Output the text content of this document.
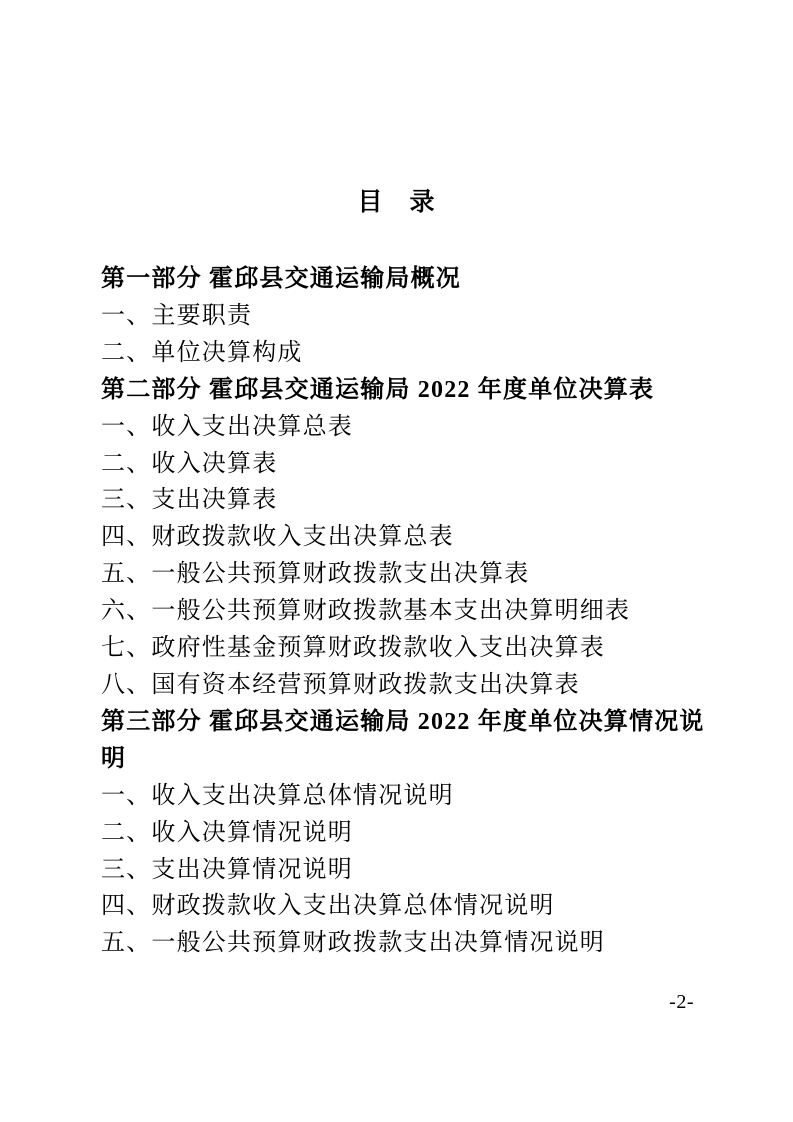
目　录
第一部分 霍邱县交通运输局概况
一、主要职责
二、单位决算构成
第二部分 霍邱县交通运输局 2022 年度单位决算表
一、收入支出决算总表
二、收入决算表
三、支出决算表
四、财政拨款收入支出决算总表
五、一般公共预算财政拨款支出决算表
六、一般公共预算财政拨款基本支出决算明细表
七、政府性基金预算财政拨款收入支出决算表
八、国有资本经营预算财政拨款支出决算表
第三部分 霍邱县交通运输局 2022 年度单位决算情况说
明
一、收入支出决算总体情况说明
二、收入决算情况说明
三、支出决算情况说明
四、财政拨款收入支出决算总体情况说明
五、一般公共预算财政拨款支出决算情况说明
-2-
